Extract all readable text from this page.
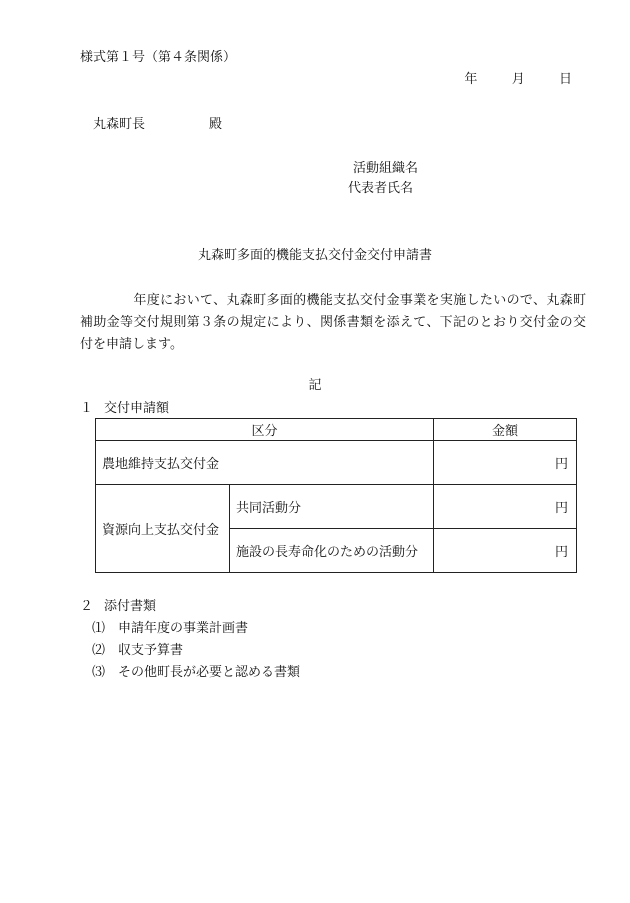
様式第１号（第４条関係）
年	月	日
丸森町長	殿
活動組織名
代表者氏名
丸森町多面的機能支払交付金交付申請書
　　　　年度において、丸森町多面的機能支払交付金事業を実施したいので、丸森町補助金等交付規則第３条の規定により、関係書類を添えて、下記のとおり交付金の交付を申請します。
記
１ 交付申請額
区分		金額
農地維持支払交付金		円
資源向上支払交付金	共同活動分	円
	施設の長寿命化のための活動分	円
２ 添付書類
⑴ 申請年度の事業計画書
⑵ 収支予算書
⑶ その他町長が必要と認める書類
